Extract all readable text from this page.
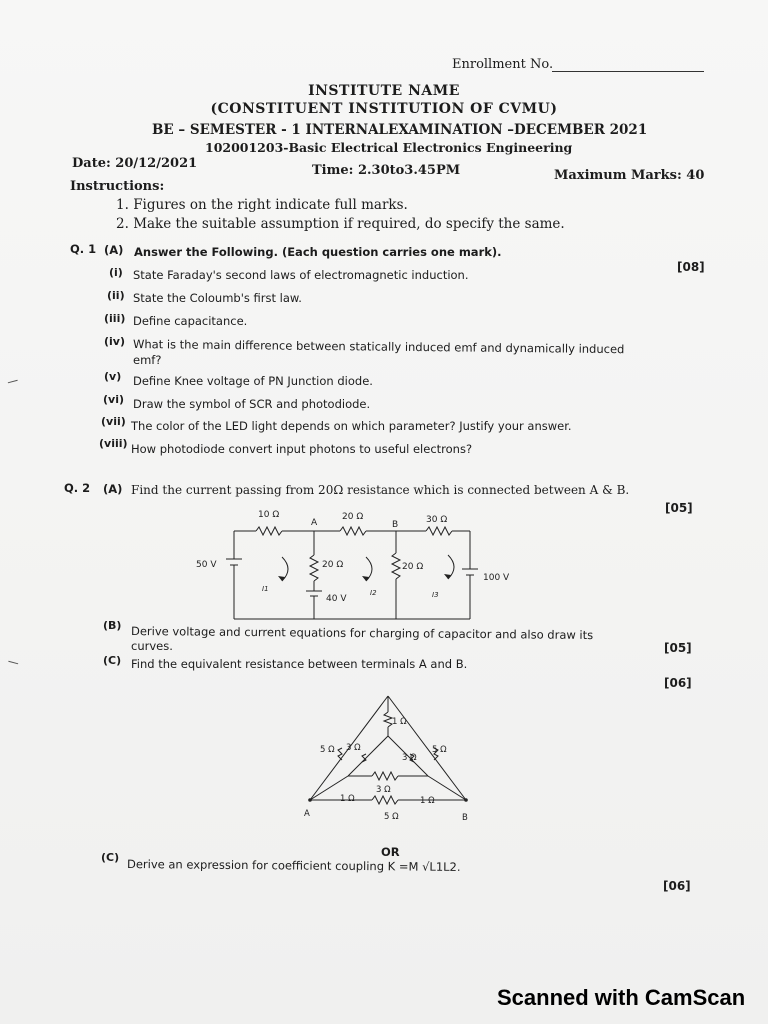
Enrollment No.
INSTITUTE NAME
(CONSTITUENT INSTITUTION OF CVMU)
BE – SEMESTER - 1 INTERNALEXAMINATION –DECEMBER 2021
102001203-Basic Electrical Electronics Engineering
Date: 20/12/2021	Time: 2.30to3.45PM	Maximum Marks: 40
Instructions:
1. Figures on the right indicate full marks.
2. Make the suitable assumption if required, do specify the same.
Q. 1 (A) Answer the Following. (Each question carries one mark).
[08]
(i) State Faraday's second laws of electromagnetic induction.
(ii) State the Coloumb's first law.
(iii) Define capacitance.
(iv) What is the main difference between statically induced emf and dynamically induced
emf?
(v) Define Knee voltage of PN Junction diode.
(vi) Draw the symbol of SCR and photodiode.
(vii) The color of the LED light depends on which parameter? Justify your answer.
(viii) How photodiode convert input photons to useful electrons?
Q. 2 (A) Find the current passing from 20Ω resistance which is connected between A & B.
[05]
10 Ω	20 Ω	30 Ω
A	B
50 V	20 Ω	20 Ω
100 V
40 V
I1	I2	I3
(B) Derive voltage and current equations for charging of capacitor and also draw its
curves.	[05]
(C) Find the equivalent resistance between terminals A and B.
[06]
1 Ω
5 Ω 3 Ω	5 Ω
3 Ω
3 Ω
1 Ω	1 Ω
5 Ω
A	B
OR
(C) Derive an expression for coefficient coupling K =M √L1L2.
[06]
Scanned with CamScan
